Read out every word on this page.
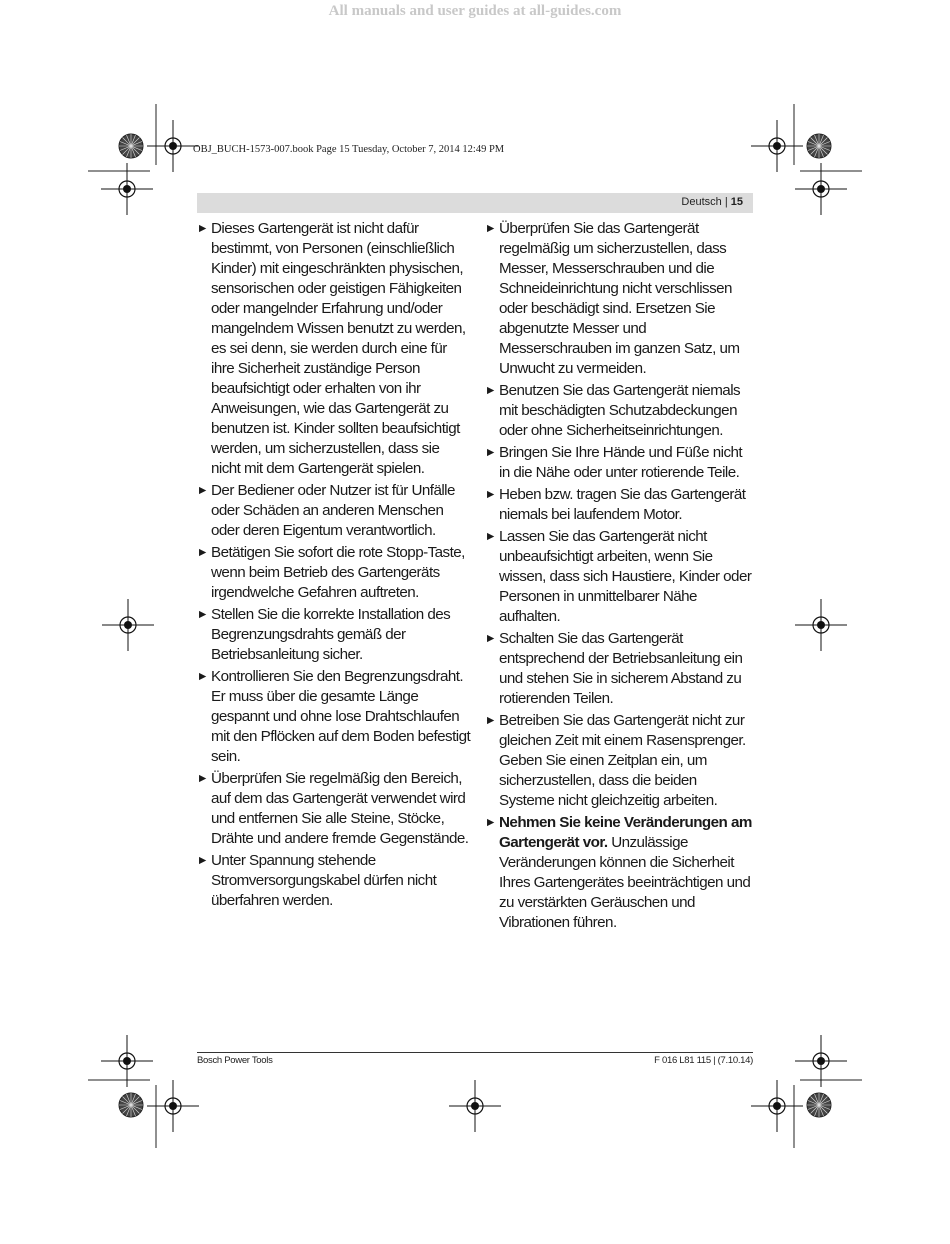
All manuals and user guides at all-guides.com
OBJ_BUCH-1573-007.book Page 15 Tuesday, October 7, 2014 12:49 PM
Deutsch | 15
▶ Dieses Gartengerät ist nicht dafür bestimmt, von Personen (einschließlich Kinder) mit eingeschränkten physischen, sensorischen oder geistigen Fähigkeiten oder mangelnder Erfahrung und/oder mangelndem Wissen benutzt zu werden, es sei denn, sie werden durch eine für ihre Sicherheit zuständige Person beaufsichtigt oder erhalten von ihr Anweisungen, wie das Gartengerät zu benutzen ist. Kinder sollten beaufsichtigt werden, um sicherzustellen, dass sie nicht mit dem Gartengerät spielen.
▶ Der Bediener oder Nutzer ist für Unfälle oder Schäden an anderen Menschen oder deren Eigentum verantwortlich.
▶ Betätigen Sie sofort die rote Stopp-Taste, wenn beim Betrieb des Gartengeräts irgendwelche Gefahren auftreten.
▶ Stellen Sie die korrekte Installation des Begrenzungsdrahts gemäß der Betriebsanleitung sicher.
▶ Kontrollieren Sie den Begrenzungsdraht. Er muss über die gesamte Länge gespannt und ohne lose Drahtschlaufen mit den Pflöcken auf dem Boden befestigt sein.
▶ Überprüfen Sie regelmäßig den Bereich, auf dem das Gartengerät verwendet wird und entfernen Sie alle Steine, Stöcke, Drähte und andere fremde Gegenstände.
▶ Unter Spannung stehende Stromversorgungskabel dürfen nicht überfahren werden.
▶ Überprüfen Sie das Gartengerät regelmäßig um sicherzustellen, dass Messer, Messerschrauben und die Schneideinrichtung nicht verschlissen oder beschädigt sind. Ersetzen Sie abgenutzte Messer und Messerschrauben im ganzen Satz, um Unwucht zu vermeiden.
▶ Benutzen Sie das Gartengerät niemals mit beschädigten Schutzabdeckungen oder ohne Sicherheitseinrichtungen.
▶ Bringen Sie Ihre Hände und Füße nicht in die Nähe oder unter rotierende Teile.
▶ Heben bzw. tragen Sie das Gartengerät niemals bei laufendem Motor.
▶ Lassen Sie das Gartengerät nicht unbeaufsichtigt arbeiten, wenn Sie wissen, dass sich Haustiere, Kinder oder Personen in unmittelbarer Nähe aufhalten.
▶ Schalten Sie das Gartengerät entsprechend der Betriebsanleitung ein und stehen Sie in sicherem Abstand zu rotierenden Teilen.
▶ Betreiben Sie das Gartengerät nicht zur gleichen Zeit mit einem Rasensprenger. Geben Sie einen Zeitplan ein, um sicherzustellen, dass die beiden Systeme nicht gleichzeitig arbeiten.
▶ Nehmen Sie keine Veränderungen am Gartengerät vor. Unzulässige Veränderungen können die Sicherheit Ihres Gartengerätes beeinträchtigen und zu verstärkten Geräuschen und Vibrationen führen.
Bosch Power Tools	F 016 L81 115 | (7.10.14)
